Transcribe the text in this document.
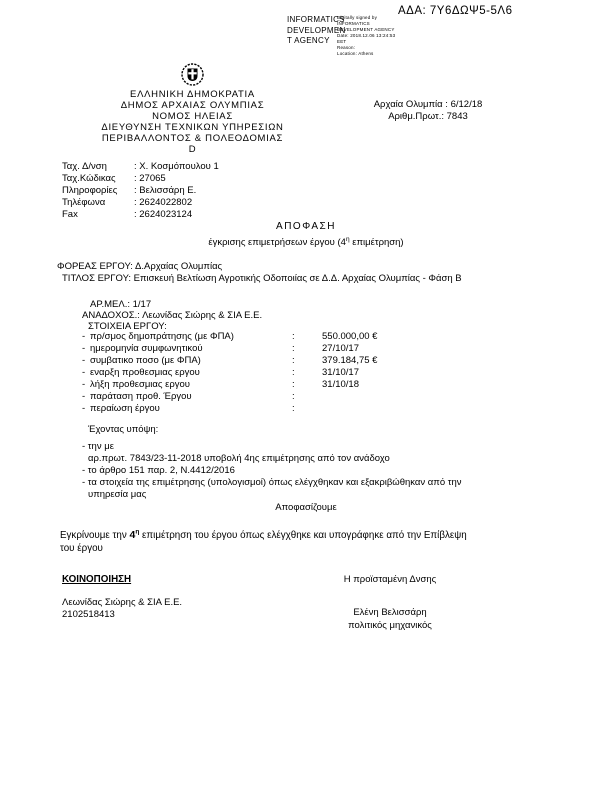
ΑΔΑ: 7Υ6ΔΩΨ5-5Λ6
INFORMATICS
DEVELOPMEN
T AGENCY
Digitally signed by
INFORMATICS
DEVELOPMENT AGENCY
Date: 2018.12.06 13:24:53
EET
Reason:
Location: Athens
ΕΛΛΗΝΙΚΗ ΔΗΜΟΚΡΑΤΙΑ
ΔΗΜΟΣ ΑΡΧΑΙΑΣ ΟΛΥΜΠΙΑΣ
ΝΟΜΟΣ ΗΛΕΙΑΣ
ΔΙΕΥΘΥΝΣΗ ΤΕΧΝΙΚΩΝ ΥΠΗΡΕΣΙΩΝ
ΠΕΡΙΒΑΛΛΟΝΤΟΣ & ΠΟΛΕΟΔΟΜΙΑΣ
D
Αρχαία Ολυμπία : 6/12/18
Αριθμ.Πρωτ.: 7843
Ταχ. Δ/νση	: Χ. Κοσμόπουλου 1
Ταχ.Κώδικας : 27065
Πληροφορίες : Βελισσάρη Ε.
Τηλέφωνα	: 2624022802
Fax	: 2624023124
ΑΠΟΦΑΣΗ
έγκρισης επιμετρήσεων έργου ($4^\eta$ επιμέτρηση)
ΦΟΡΕΑΣ ΕΡΓΟΥ: Δ.Αρχαίας Ολυμπίας
ΤΙΤΛΟΣ ΕΡΓΟΥ: Επισκευή Βελτίωση Αγροτικής Οδοποιίας σε Δ.Δ. Αρχαίας Ολυμπίας - Φάση Β
ΑΡ.ΜΕΛ.: 1/17
ΑΝΑΔΟΧΟΣ.: Λεωνίδας Σιώρης & ΣΙΑ Ε.Ε.
ΣΤΟΙΧΕΙΑ ΕΡΓΟΥ:
- πρ/σμος δημοπράτησης (με ΦΠΑ)	:	550.000,00 €
- ημερομηνία συμφωνητικού	:	27/10/17
- συμβατικο ποσο (με ΦΠΑ)	:	379.184,75 €
- εναρξη προθεσμιας εργου	:	31/10/17
- λήξη προθεσμιας εργου	:	31/10/18
- παράταση προθ. Έργου	:
- περαίωση έργου	:
Έχοντας υπόψη:
- την με
αρ.πρωτ. 7843/23-11-2018 υποβολή 4ης επιμέτρησης από τον ανάδοχο
- το άρθρο 151 παρ. 2, Ν.4412/2016
- τα στοιχεία της επιμέτρησης (υπολογισμοί) όπως ελέγχθηκαν και εξακριβώθηκαν από την
υπηρεσία μας
Αποφασίζουμε
Εγκρίνουμε την $4^\eta$ επιμέτρηση του έργου όπως ελέγχθηκε και υπογράφηκε από την Επίβλεψη
του έργου
ΚΟΙΝΟΠΟΙΗΣΗ
Λεωνίδας Σιώρης & ΣΙΑ Ε.Ε.
2102518413
Η προϊσταμένη Δνσης
Ελένη Βελισσάρη
πολιτικός μηχανικός
